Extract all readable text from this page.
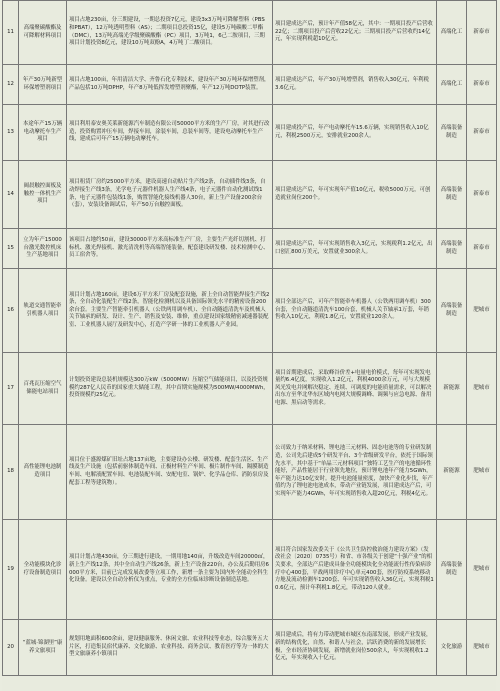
11	高端聚碳酸酯及可降解材料项目	项目占地230亩，分三期建设，一期总投资7亿元，建设3x3万吨可降解塑料（PBS和PBAT），12万吨透明塑料（AS）；二期项目总投资15亿，建设5万吨碳酸二甲酯（DMC），13万吨高端光学级聚碳酸酯（PC）项目，3万吨1，6己二胺项目，三期项目计划投资8亿元，建设10万吨双酚A，4万吨丁二酸项目。	项目建成达产后，预计年产值58亿元，其中：一期项目投产后营收22亿；二期项目投产后营收22亿元；三期项目投产后营收约14亿元，年实现利税超10亿元。	高端化工	新泰市
12	年产30万吨新型环保增塑剂项目	项目占地100亩，年用清洁大学、齐鲁石化专利技术，建设年产30万吨环保增塑剂，产品包括10万吨DPHP，年产8万吨低挥发增塑剂聚酯，年产12万吨DOTP装置。	项目建成达产后，年产30万吨增塑剂，销售收入30亿元，年利税3.6亿元。	高端化工	新泰市
13	本途年产15万辆电动摩托车生产项目	项目利用泰安奥芙莱新能源汽车制造有限公司50000平方米的生产厂房，对其进行改造，投资购置冲压车间，焊接车间，涂装车间，总装车间等，建设电动摩托车生产线，建成后可年产15万辆电动摩托车。	项目建成投产后，年产电动摩托车15.6万辆，实现销售收入10亿元，利税2500万元，安排就业200余人。	高端装备制造	新泰市
14	阔晨触控面板及触控一体机生产项目	项目租赁厂房约25000平方米，建设高速自动贴片生产线2条，自动插件线3条，自动焊接生产线3条，光学电子元器件机器人生产线4条，电子元器件自动化测试线1条，电子元器件包装线1条，购置智能化接线机器人30台，新上生产设备200余台（套），安装设备调试后，年产50万台触控面板。	项目建成达产后，年可实现年产值10亿元，税收5000万元，可创造就业岗位200个。	高端装备制造	新泰市
15	立为年产15000台激光数控机床生产基地项目	该项目占地约50亩，建设30000平方米高标准生产厂房，主要生产光纤切割机、打标机、激光焊接机、激光清洗机等高端智能装备，配套建设研发楼、技术检测中心、员工宿舍等。	项目建成达产后，年可实现销售收入3亿元，实现税利1.2亿元，出口创汇800万美元，安置就业300余人。	高端装备制造	新泰市
16	轨道交通智能牵引机器人项目	项目计划占地160亩，建设6万平方米厂房及配套设施，新上全自动智能焊接生产线2条，全自动化装配生产线2条，智能化检测机以及具备国际领先水平的精密设备200余台套。主要生产智能牵引机器人（公铁两用调车机）、全自动隧道清洗车及机械人关节轴承的研发、设计、生产、销售及安装、维修，重点建设国家级精密减速器装配室、工业机器人展厅及研发中心，打造产学研一体的工业机器人产业园。	项目全部达产后，可年产智能牵车机器人（公铁两用调车机）300台套，全自动隧道清洗车100台套，机械人关节轴承1万套，年销售收入10亿元，利税1.8亿元，安置就业120余人。	高端装备制造	肥城市
17	百兆瓦压缩空气储能电站项目	计划投资建设总装机规模达300万kW（5000MW）压缩空气储能项目，以及投资规模约287亿人民币的国家重大储能工程，其中首期实施规模为500MW/4000MWh，投资规模约25亿元。	项目首期建成后，采取峰谷价差+电量电价模式，每年可实现发电量约6.4亿度，实现收入1.2亿元，利税4000余万元，可与大规模风光发电并网解决稳定、连续、可调度的电能质量需求，可以解决出东方至华北华东区域内电网大规模调峰、调频与应急电源、备用电源、黑启动等需求。	新能源	肥城市
18	高性能锂电池制造项目	项目位于盛源煤矿旧址占地137亩地，主要建设办公楼、研发楼、配套生活区、生产线及生产设施（包括前驱体制造车间、正极材料生产车间、极片制作车间、隔膜制造车间、电解液配置车间、电池装配车间、安配电室、锅炉、化学品仓库、消防泵房及配套工程等建筑物）。	公司致力于纳米材料、锂电池三元材料、固态电池等的专业研发制造，公司先后建成5个研发平台、3个省级研发平台，依托于国际领先水平，其中基于“单晶三元材料项目”独特工艺生产的电池循环性能好，产品性能居于行业领先地位，预计锂电池年产能力5GWh，年产能力达10亿安时。提升电池能量密度，加快产业化步伐，年产值约为了锂电池电池成本，带动产业链发展，项目建成达产后，可实现年产能力4GWh，年可实现销售收入超20亿元，利税4亿元。	新能源	肥城市
19	全功能模块化诊疗设备制造项目	项目计划占地430亩，分三期进行建设，一期用地140亩，升级改造车间20000㎡，新上生产线12条，其中全自动生产线26条，新上生产设备220台，办公及后勤用房6000平方米，目前已完成发展改委等立项工作，新增一条主要为国内外全能动全科生化设备。建设以全自动分析仪为重点，专业的全方位临床诊断设备制造基地。	项目符合国家发改委关于《公共卫生防控救治能力建设方案》（发改社会〔2020〕0735号）和省、市各级关于创建“十强产业”的相关要求，全部达产后建成具备全功能模块化全功能流行性传染病诊疗中心400套，平战两用诊疗中心单元400套，医疗防疫系统移动方舱及流动检测车1200套、年可实现销售收入36亿元，实现利税10.6亿元，预计年利税1.8亿元，带动120人就业。	高端装备制造	肥城市
20	“蓝城·锦湖里”康养文旅项目	规划用地面积600余亩，建设健康服务、休闲文旅、农业科技等业态，综合服务五大片区，打造集民宿代康养、文化旅游、农业科技、商务会议、教育医疗等为一体的大型文旅康养小镇项目	项目建成后，将有力带动肥城市城区东南部发展，形成产业发展，新的结构优化，自然、和谐人与社会，活跃消费的新的发展增长极，全市经济协调发展，新增就业岗位500余人，年实现税收1.2亿元，年实现收入十亿元。	文化旅游	肥城市
